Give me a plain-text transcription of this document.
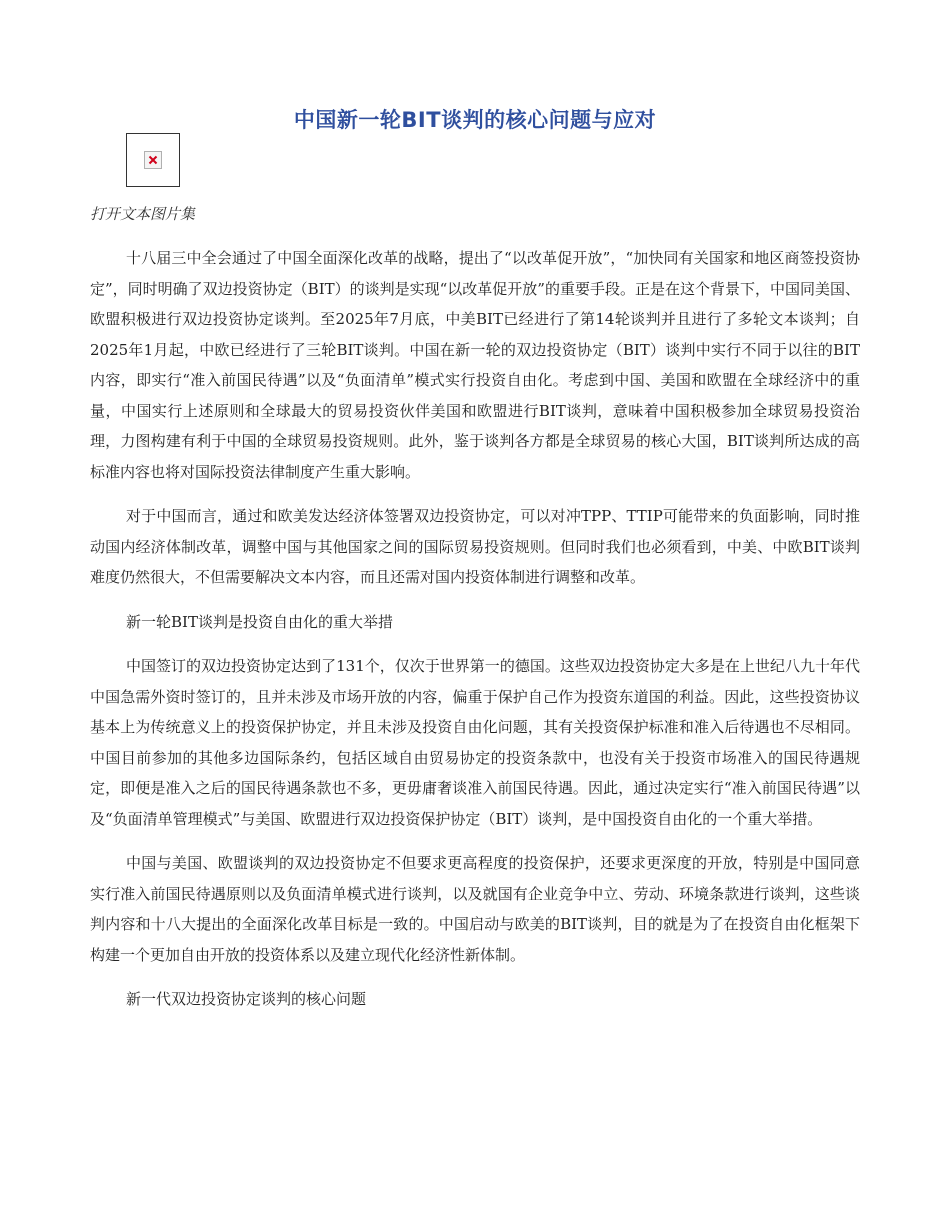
中国新一轮BIT谈判的核心问题与应对
打开文本图片集

十八届三中全会通过了中国全面深化改革的战略，提出了“以改革促开放”，“加快同有关国家和地区商签投资协定”，同时明确了双边投资协定（BIT）的谈判是实现“以改革促开放”的重要手段。正是在这个背景下，中国同美国、欧盟积极进行双边投资协定谈判。至2025年7月底，中美BIT已经进行了第14轮谈判并且进行了多轮文本谈判；自2025年1月起，中欧已经进行了三轮BIT谈判。中国在新一轮的双边投资协定（BIT）谈判中实行不同于以往的BIT内容，即实行“准入前国民待遇”以及“负面清单”模式实行投资自由化。考虑到中国、美国和欧盟在全球经济中的重量，中国实行上述原则和全球最大的贸易投资伙伴美国和欧盟进行BIT谈判，意味着中国积极参加全球贸易投资治理，力图构建有利于中国的全球贸易投资规则。此外，鉴于谈判各方都是全球贸易的核心大国，BIT谈判所达成的高标准内容也将对国际投资法律制度产生重大影响。

对于中国而言，通过和欧美发达经济体签署双边投资协定，可以对冲TPP、TTIP可能带来的负面影响，同时推动国内经济体制改革，调整中国与其他国家之间的国际贸易投资规则。但同时我们也必须看到，中美、中欧BIT谈判难度仍然很大，不但需要解决文本内容，而且还需对国内投资体制进行调整和改革。

新一轮BIT谈判是投资自由化的重大举措

中国签订的双边投资协定达到了131个，仅次于世界第一的德国。这些双边投资协定大多是在上世纪八九十年代中国急需外资时签订的，且并未涉及市场开放的内容，偏重于保护自己作为投资东道国的利益。因此，这些投资协议基本上为传统意义上的投资保护协定，并且未涉及投资自由化问题，其有关投资保护标准和准入后待遇也不尽相同。中国目前参加的其他多边国际条约，包括区域自由贸易协定的投资条款中，也没有关于投资市场准入的国民待遇规定，即便是准入之后的国民待遇条款也不多，更毋庸奢谈准入前国民待遇。因此，通过决定实行“准入前国民待遇”以及“负面清单管理模式”与美国、欧盟进行双边投资保护协定（BIT）谈判，是中国投资自由化的一个重大举措。

中国与美国、欧盟谈判的双边投资协定不但要求更高程度的投资保护，还要求更深度的开放，特别是中国同意实行准入前国民待遇原则以及负面清单模式进行谈判，以及就国有企业竞争中立、劳动、环境条款进行谈判，这些谈判内容和十八大提出的全面深化改革目标是一致的。中国启动与欧美的BIT谈判，目的就是为了在投资自由化框架下构建一个更加自由开放的投资体系以及建立现代化经济性新体制。

新一代双边投资协定谈判的核心问题
